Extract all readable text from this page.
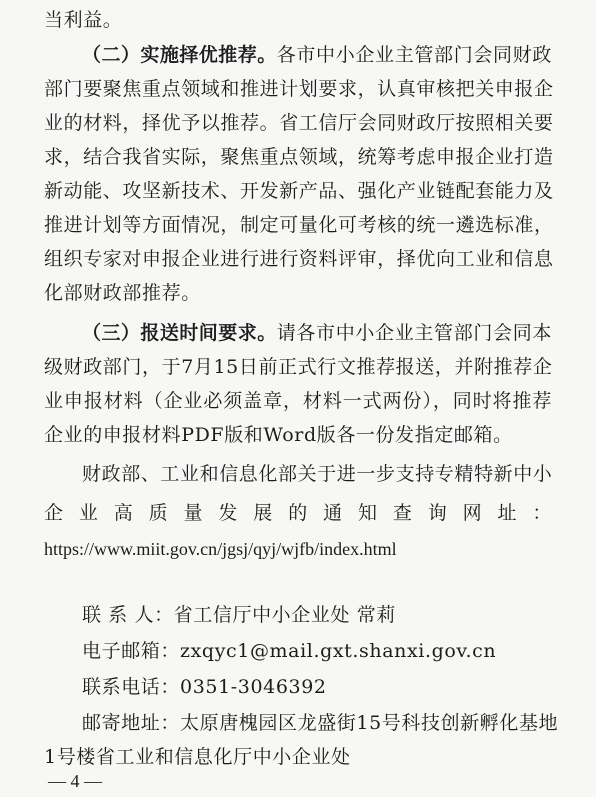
当利益。
（二）实施择优推荐。各市中小企业主管部门会同财政
部门要聚焦重点领域和推进计划要求，认真审核把关申报企
业的材料，择优予以推荐。省工信厅会同财政厅按照相关要
求，结合我省实际，聚焦重点领域，统筹考虑申报企业打造
新动能、攻坚新技术、开发新产品、强化产业链配套能力及
推进计划等方面情况，制定可量化可考核的统一遴选标准，
组织专家对申报企业进行进行资料评审，择优向工业和信息
化部财政部推荐。
（三）报送时间要求。请各市中小企业主管部门会同本
级财政部门，于7月15日前正式行文推荐报送，并附推荐企
业申报材料（企业必须盖章，材料一式两份），同时将推荐
企业的申报材料PDF版和Word版各一份发指定邮箱。
财政部、工业和信息化部关于进一步支持专精特新中小
企业高质量发展的通知查询网址：
https://www.miit.gov.cn/jgsj/qyj/wjfb/index.html
联 系 人：省工信厅中小企业处 常莉
电子邮箱：zxqyc1@mail.gxt.shanxi.gov.cn
联系电话：0351-3046392
邮寄地址：太原唐槐园区龙盛街15号科技创新孵化基地
1号楼省工业和信息化厅中小企业处
— 4 —
